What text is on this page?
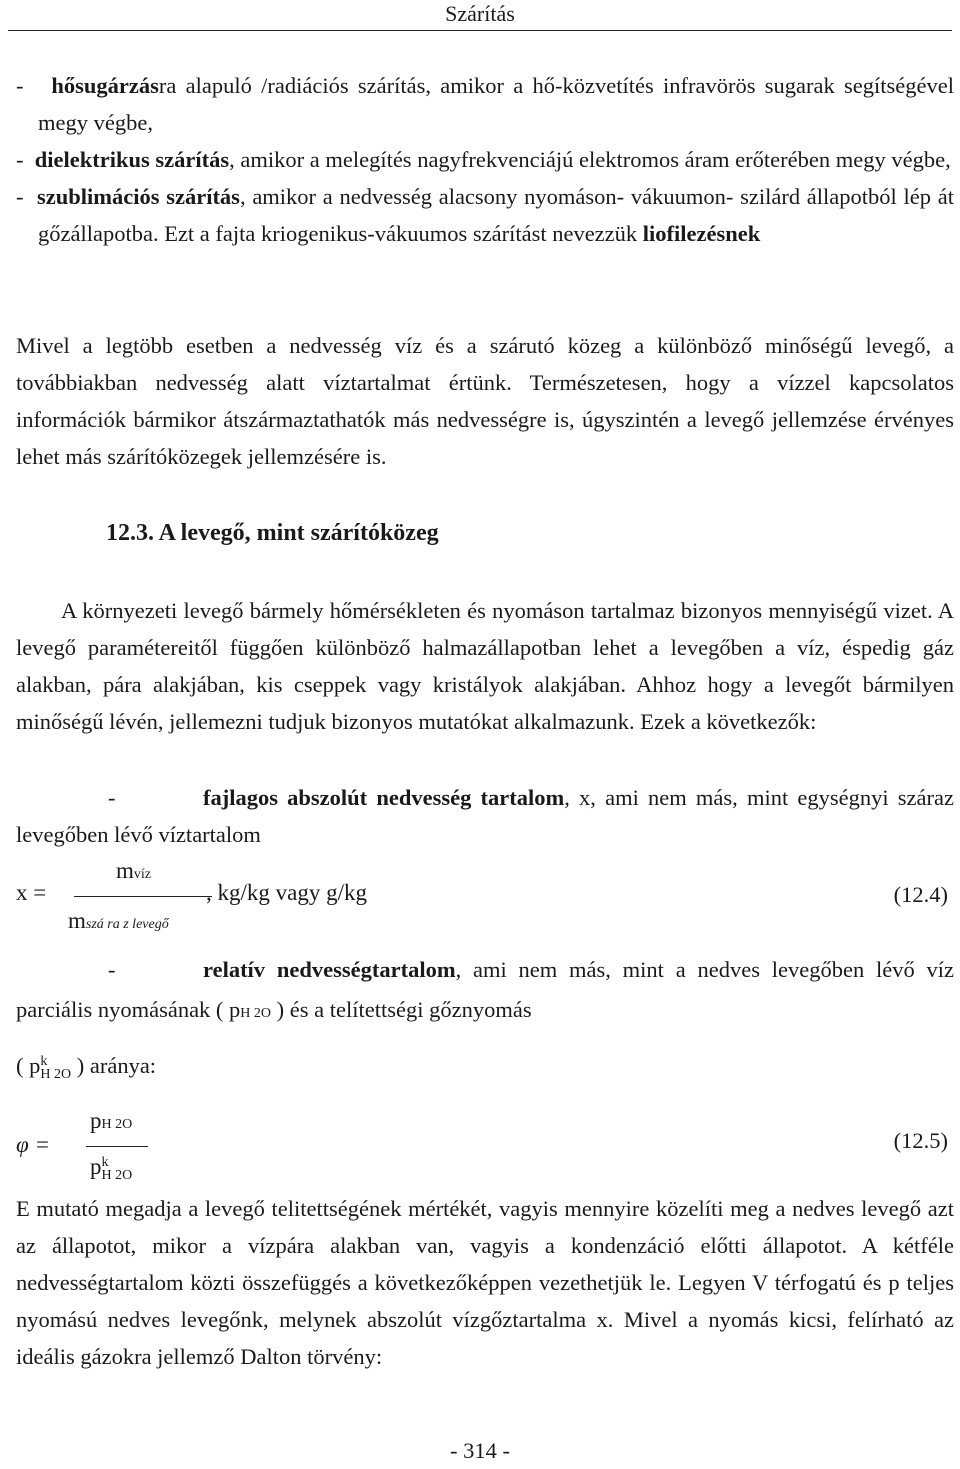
Szárítás
-   hősugárzásra alapuló /radiációs szárítás, amikor a hő-közvetítés infravörös sugarak segítségével megy végbe,
-  dielektrikus szárítás, amikor a melegítés nagyfrekvenciájú elektromos áram erőterében megy végbe,
-  szublimációs szárítás, amikor a nedvesség alacsony nyomáson- vákuumon- szilárd állapotból lép át gőzállapotba. Ezt a fajta kriogenikus-vákuumos szárítást nevezzük liofilezésnek

Mivel a legtöbb esetben a nedvesség víz és a szárutó közeg a különböző minőségű levegő, a továbbiakban nedvesség alatt víztartalmat értünk. Természetesen, hogy a vízzel kapcsolatos információk bármikor átszármaztathatók más nedvességre is, úgyszintén a levegő jellemzése érvényes lehet más szárítóközegek jellemzésére is.

12.3. A levegő, mint szárítóközeg

A környezeti levegő bármely hőmérsékleten és nyomáson tartalmaz bizonyos mennyiségű vizet. A levegő paramétereitől függően különböző halmazállapotban lehet a levegőben a víz, éspedig gáz alakban, pára alakjában, kis cseppek vagy kristályok alakjában. Ahhoz hogy a levegőt bármilyen minőségű lévén, jellemezni tudjuk bizonyos mutatókat alkalmazunk. Ezek a következők:

-	fajlagos abszolút nedvesség tartalom, x, ami nem más, mint egységnyi száraz levegőben lévő víztartalom

x =
mvíz
mszá ra z levegő
, kg/kg vagy g/kg	(12.4)

-	relatív nedvességtartalom, ami nem más, mint a nedves levegőben lévő víz parciális nyomásának ( pH 2O ) és a telítettségi gőznyomás

( p k
H 2O ) aránya:

φ =
pH 2O
p k
H 2O
(12.5)

E mutató megadja a levegő telitettségének mértékét, vagyis mennyire közelíti meg a nedves levegő azt az állapotot, mikor a vízpára alakban van, vagyis a kondenzáció előtti állapotot. A kétféle nedvességtartalom közti összefüggés a következőképpen vezethetjük le. Legyen V térfogatú és p teljes nyomású nedves levegőnk, melynek abszolút vízgőztartalma x. Mivel a nyomás kicsi, felírható az ideális gázokra jellemző Dalton törvény:

- 314 -
